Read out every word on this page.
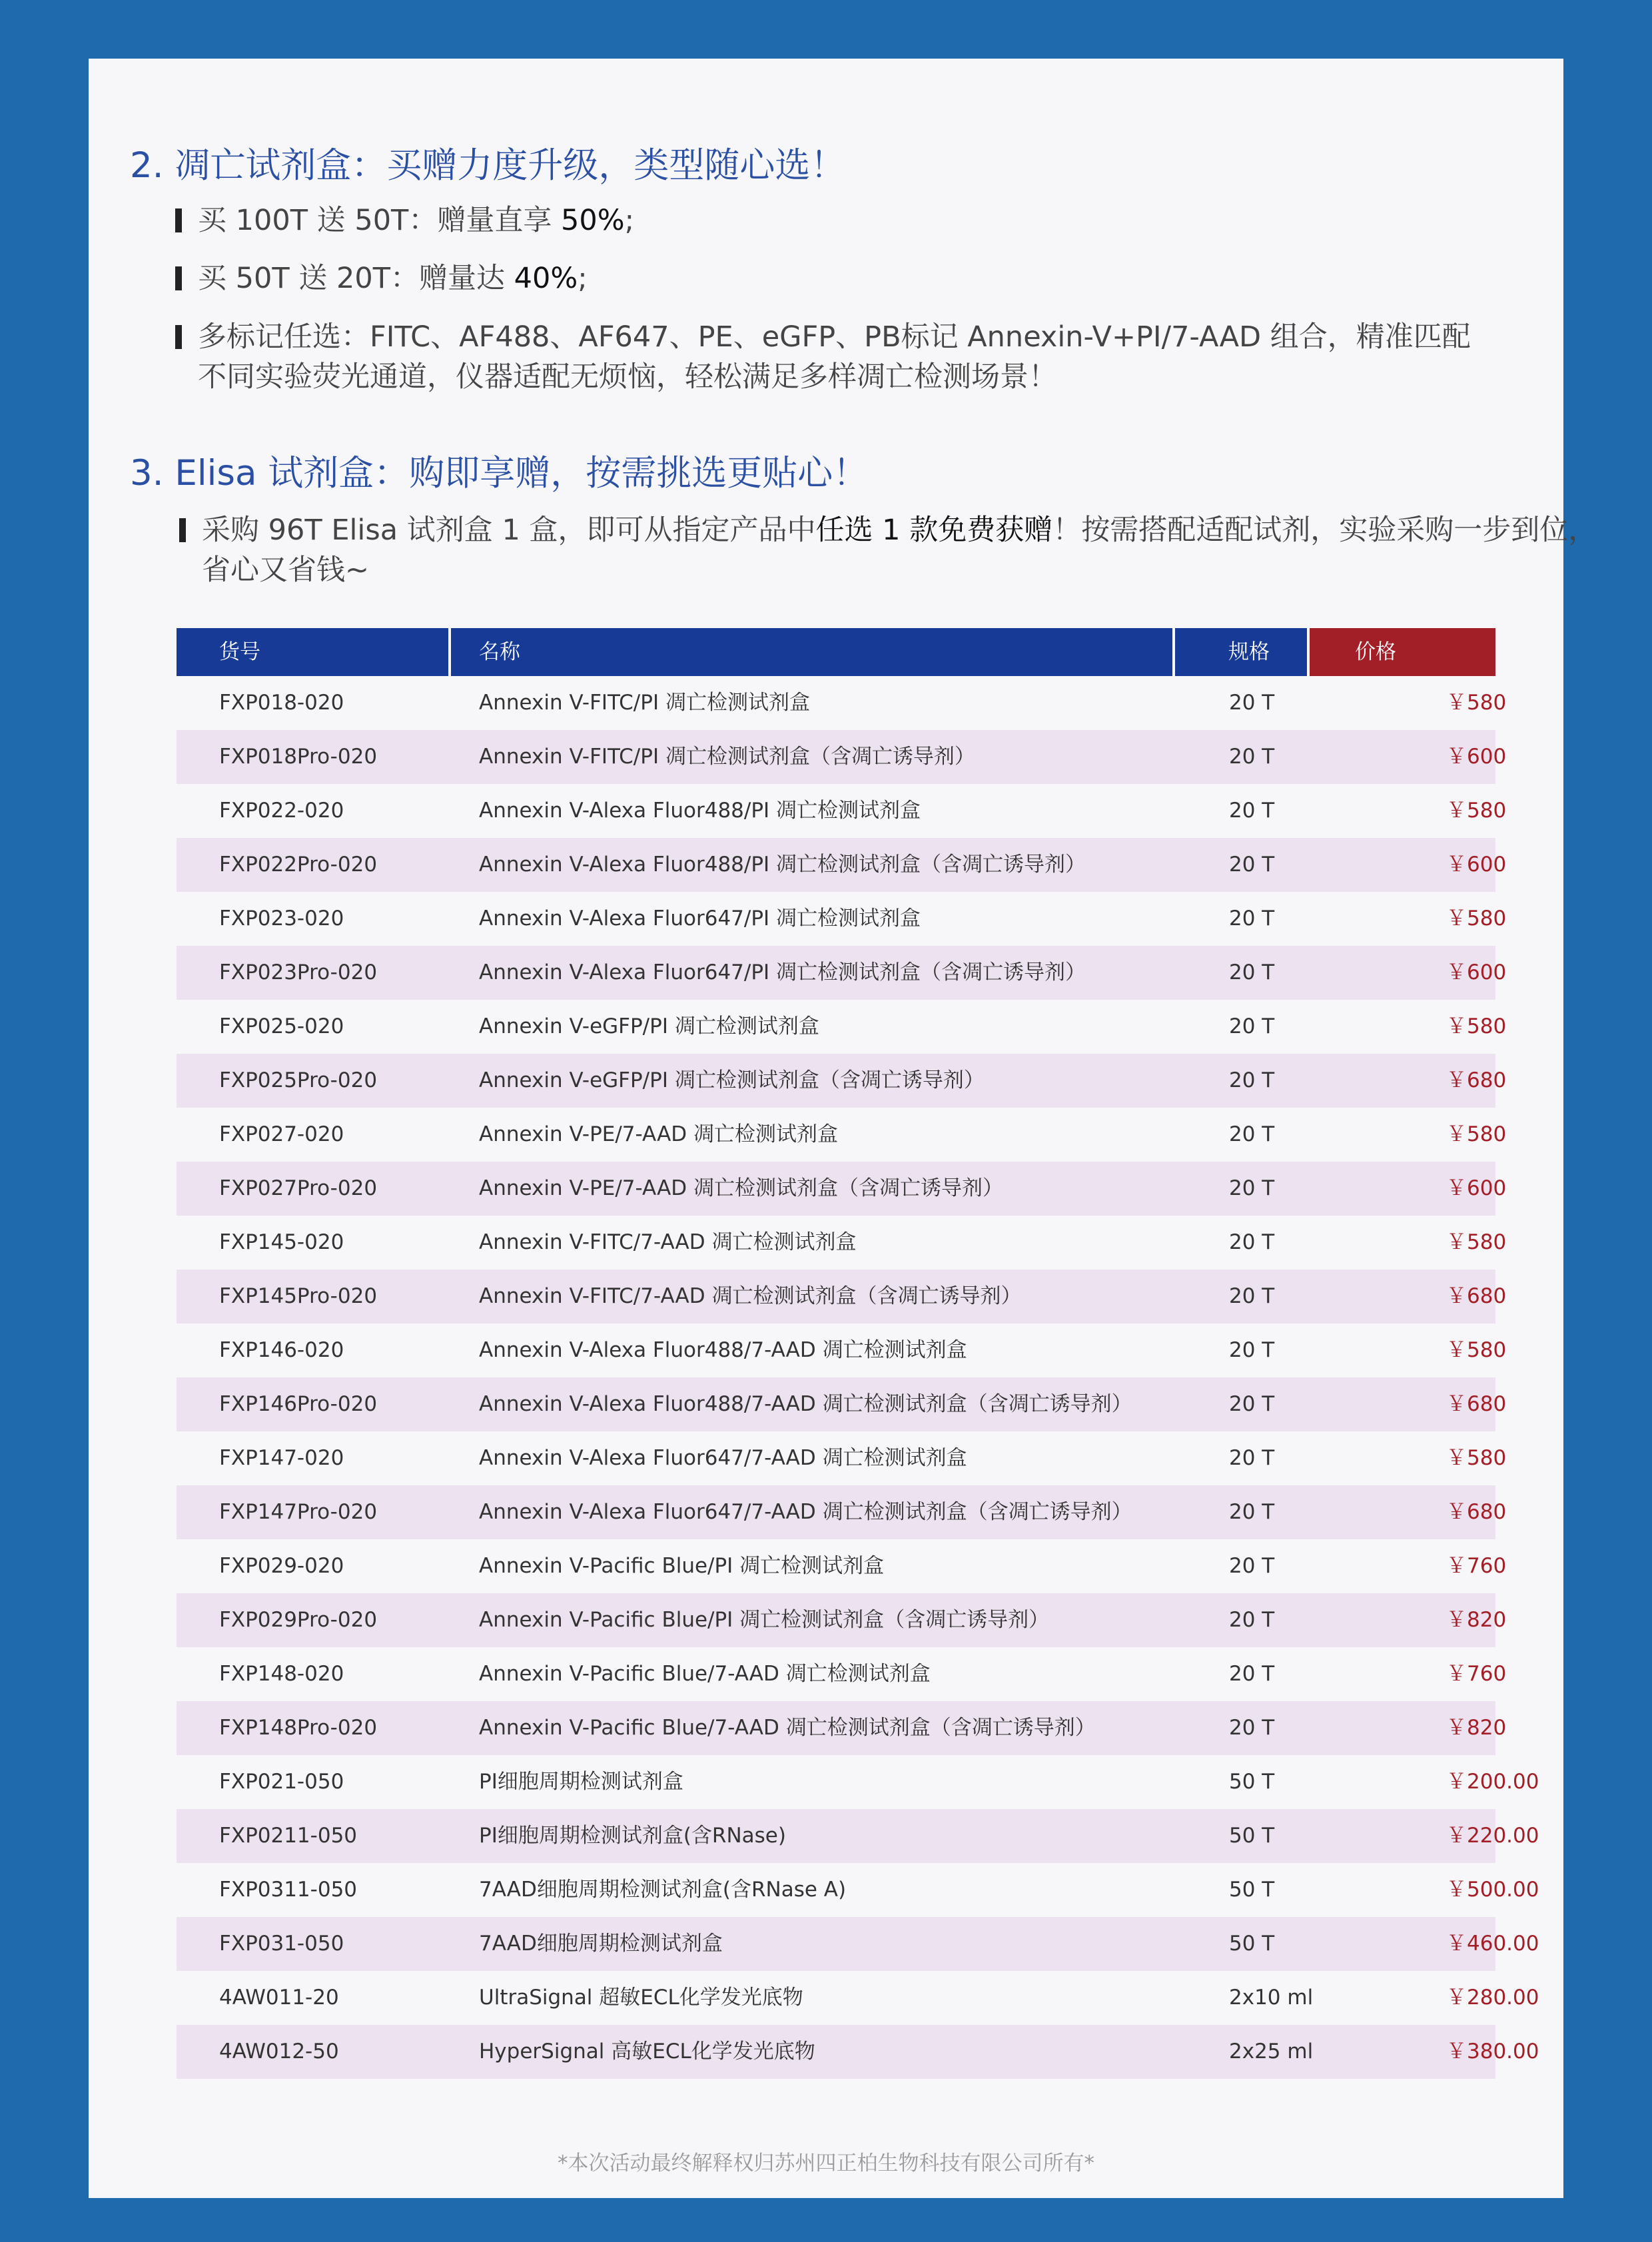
2. 凋亡试剂盒：买赠力度升级，类型随心选！
买 100T 送 50T：赠量直享 50%;
买 50T 送 20T：赠量达 40%;
多标记任选：FITC、AF488、AF647、PE、eGFP、PB标记 Annexin-V+PI/7-AAD 组合，精准匹配
不同实验荧光通道，仪器适配无烦恼，轻松满足多样凋亡检测场景！
3. Elisa 试剂盒：购即享赠，按需挑选更贴心！
采购 96T Elisa 试剂盒 1 盒，即可从指定产品中任选 1 款免费获赠！按需搭配适配试剂，实验采购一步到位，
省心又省钱~
货号	名称	规格	价格
FXP018-020	Annexin V-FITC/PI 凋亡检测试剂盒	20 T	￥580
FXP018Pro-020	Annexin V-FITC/PI 凋亡检测试剂盒（含凋亡诱导剂）	20 T	￥600
FXP022-020	Annexin V-Alexa Fluor488/PI 凋亡检测试剂盒	20 T	￥580
FXP022Pro-020	Annexin V-Alexa Fluor488/PI 凋亡检测试剂盒（含凋亡诱导剂）	20 T	￥600
FXP023-020	Annexin V-Alexa Fluor647/PI 凋亡检测试剂盒	20 T	￥580
FXP023Pro-020	Annexin V-Alexa Fluor647/PI 凋亡检测试剂盒（含凋亡诱导剂）	20 T	￥600
FXP025-020	Annexin V-eGFP/PI 凋亡检测试剂盒	20 T	￥580
FXP025Pro-020	Annexin V-eGFP/PI 凋亡检测试剂盒（含凋亡诱导剂）	20 T	￥680
FXP027-020	Annexin V-PE/7-AAD 凋亡检测试剂盒	20 T	￥580
FXP027Pro-020	Annexin V-PE/7-AAD 凋亡检测试剂盒（含凋亡诱导剂）	20 T	￥600
FXP145-020	Annexin V-FITC/7-AAD 凋亡检测试剂盒	20 T	￥580
FXP145Pro-020	Annexin V-FITC/7-AAD 凋亡检测试剂盒（含凋亡诱导剂）	20 T	￥680
FXP146-020	Annexin V-Alexa Fluor488/7-AAD 凋亡检测试剂盒	20 T	￥580
FXP146Pro-020	Annexin V-Alexa Fluor488/7-AAD 凋亡检测试剂盒（含凋亡诱导剂）	20 T	￥680
FXP147-020	Annexin V-Alexa Fluor647/7-AAD 凋亡检测试剂盒	20 T	￥580
FXP147Pro-020	Annexin V-Alexa Fluor647/7-AAD 凋亡检测试剂盒（含凋亡诱导剂）	20 T	￥680
FXP029-020	Annexin V-Pacific Blue/PI 凋亡检测试剂盒	20 T	￥760
FXP029Pro-020	Annexin V-Pacific Blue/PI 凋亡检测试剂盒（含凋亡诱导剂）	20 T	￥820
FXP148-020	Annexin V-Pacific Blue/7-AAD 凋亡检测试剂盒	20 T	￥760
FXP148Pro-020	Annexin V-Pacific Blue/7-AAD 凋亡检测试剂盒（含凋亡诱导剂）	20 T	￥820
FXP021-050	PI细胞周期检测试剂盒	50 T	￥200.00
FXP0211-050	PI细胞周期检测试剂盒(含RNase)	50 T	￥220.00
FXP0311-050	7AAD细胞周期检测试剂盒(含RNase A)	50 T	￥500.00
FXP031-050	7AAD细胞周期检测试剂盒	50 T	￥460.00
4AW011-20	UltraSignal 超敏ECL化学发光底物	2x10 ml	￥280.00
4AW012-50	HyperSignal 高敏ECL化学发光底物	2x25 ml	￥380.00
*本次活动最终解释权归苏州四正柏生物科技有限公司所有*
